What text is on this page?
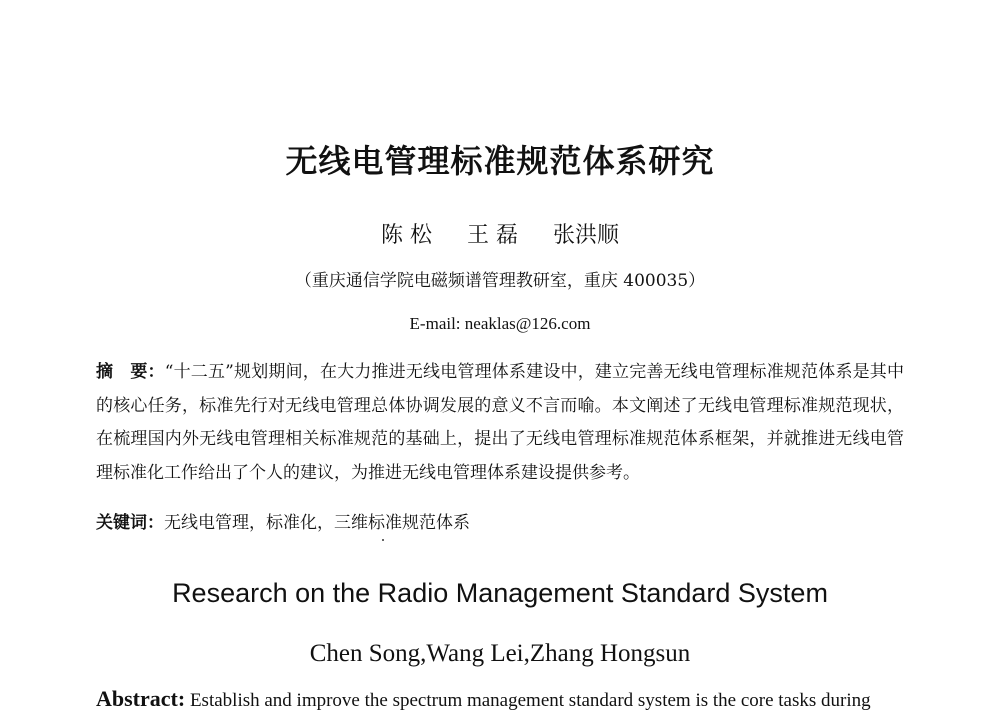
无线电管理标准规范体系研究
陈 松 王 磊 张洪顺
（重庆通信学院电磁频谱管理教研室，重庆 400035）
E-mail: neaklas@126.com
摘　要：“十二五”规划期间，在大力推进无线电管理体系建设中，建立完善无线电管理标准规范体系是其中的核心任务，标准先行对无线电管理总体协调发展的意义不言而喻。本文阐述了无线电管理标准规范现状，在梳理国内外无线电管理相关标准规范的基础上，提出了无线电管理标准规范体系框架，并就推进无线电管理标准化工作给出了个人的建议，为推进无线电管理体系建设提供参考。
关键词：无线电管理，标准化，三维标准规范体系
Research on the Radio Management Standard System
Chen Song,Wang Lei,Zhang Hongsun
Abstract: Establish and improve the spectrum management standard system is the core tasks during
